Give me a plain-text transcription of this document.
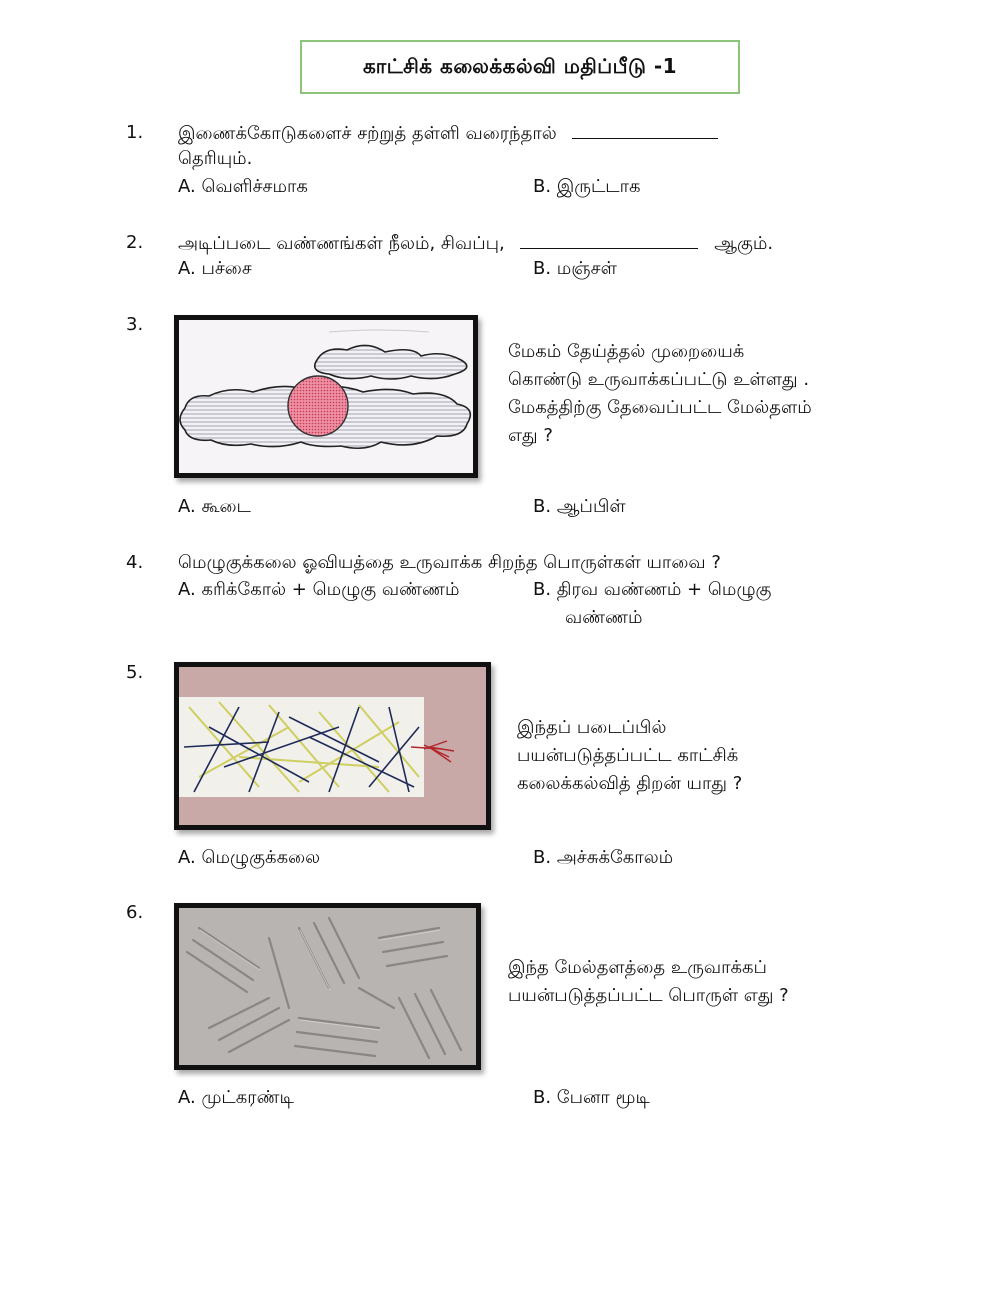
காட்சிக் கலைக்கல்வி மதிப்பீடு -1
1. இணைக்கோடுகளைச் சற்றுத் தள்ளி வரைந்தால்
தெரியும்.
A. வெளிச்சமாக	B. இருட்டாக
2. அடிப்படை வண்ணங்கள் நீலம், சிவப்பு,	ஆகும்.
A. பச்சை	B. மஞ்சள்
3.
மேகம் தேய்த்தல் முறையைக்
கொண்டு உருவாக்கப்பட்டு உள்ளது .
மேகத்திற்கு தேவைப்பட்ட மேல்தளம்
எது ?
A. கூடை	B. ஆப்பிள்
4. மெழுகுக்கலை ஓவியத்தை உருவாக்க சிறந்த பொருள்கள் யாவை ?
A. கரிக்கோல் + மெழுகு வண்ணம்	B. திரவ வண்ணம் + மெழுகு
வண்ணம்
5.
இந்தப் படைப்பில்
பயன்படுத்தப்பட்ட காட்சிக்
கலைக்கல்வித் திறன் யாது ?
A. மெழுகுக்கலை	B. அச்சுக்கோலம்
6.
இந்த மேல்தளத்தை உருவாக்கப்
பயன்படுத்தப்பட்ட பொருள் எது ?
A. முட்கரண்டி	B. பேனா மூடி
